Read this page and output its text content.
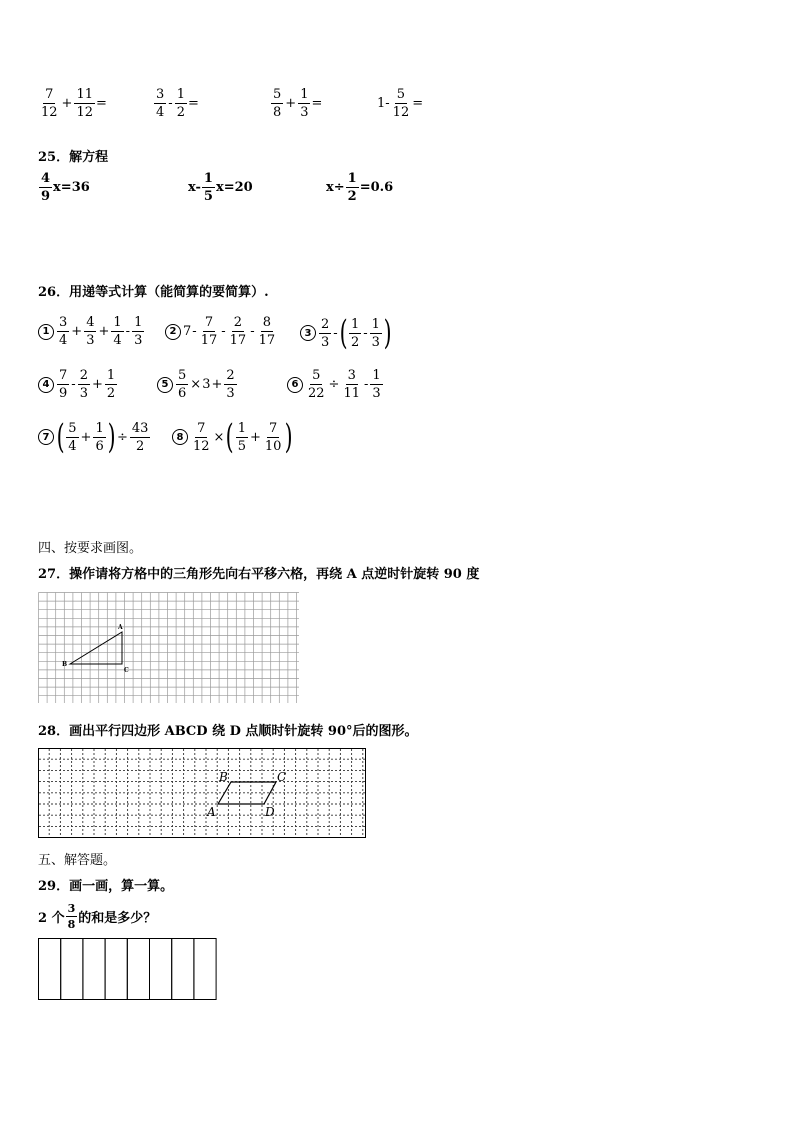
$\frac{7}{12} + \frac{11}{12}$ =	$\frac{3}{4} - \frac{1}{2}$ =	$\frac{5}{8} + \frac{1}{3}$ =	$1- \frac{5}{12}$ =
25．解方程
$\frac{4}{9} x=36$	$x- \frac{1}{5} x=20$	$x\div \frac{1}{2} =0.6$
26．用递等式计算（能简算的要简算）.
$1 \frac{3}{4} + \frac{4}{3} + \frac{1}{4} - \frac{1}{3}$	2 $7 - \frac{7}{17} - \frac{2}{17} - \frac{8}{17}$	$3 \frac{2}{3}$ - ( $\frac{1}{2} - \frac{1}{3}$ )
$4 \frac{7}{9} - \frac{2}{3} + \frac{1}{2}$	$5 \frac{5}{6} \times 3 + \frac{2}{3}$	$6 \frac{5}{22} \div \frac{3}{11} - \frac{1}{3}$
7 ( $\frac{5}{4} + \frac{1}{6}$ ) ÷ $\frac{43}{2}$	$8 \frac{7}{12}$ × ( $\frac{1}{5} + \frac{7}{10}$ )
四、按要求画图。
27．操作请将方格中的三角形先向右平移六格，再绕 A 点逆时针旋转 90 度
A
B
C
28．画出平行四边形 ABCD 绕 D 点顺时针旋转 90°后的图形。
B	C
A	D
五、解答题。
29．画一画，算一算。
2 个 $\frac{3}{8}$ 的和是多少？
